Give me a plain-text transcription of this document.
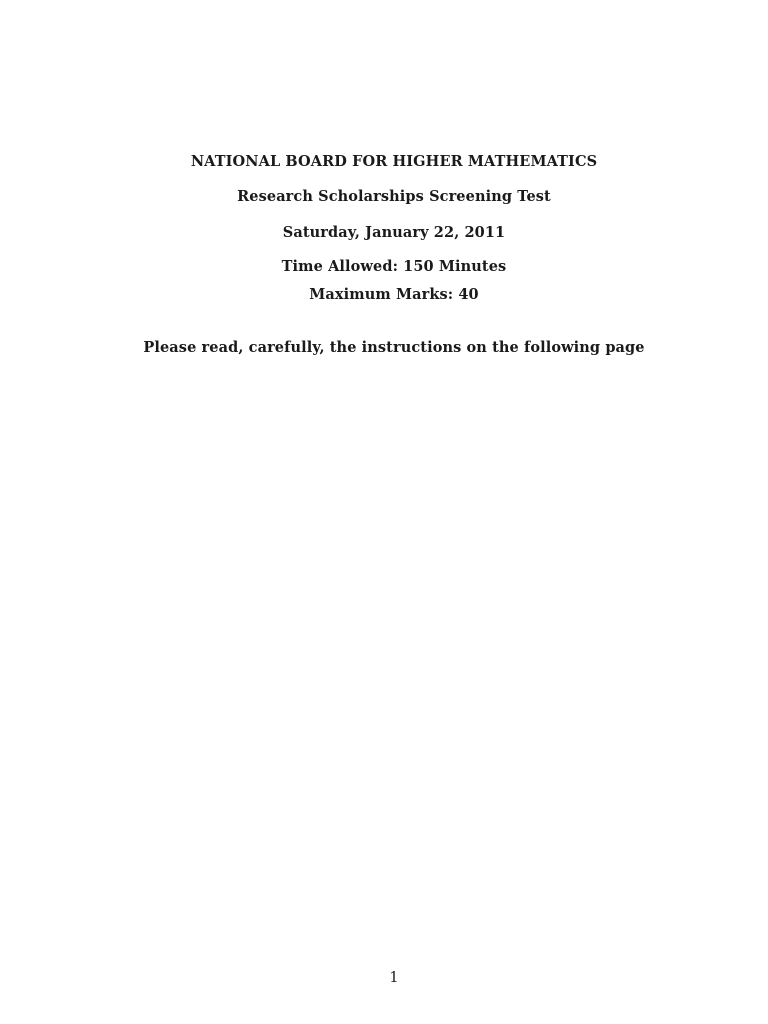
NATIONAL BOARD FOR HIGHER MATHEMATICS
Research Scholarships Screening Test
Saturday, January 22, 2011
Time Allowed: 150 Minutes
Maximum Marks: 40
Please read, carefully, the instructions on the following page
1
